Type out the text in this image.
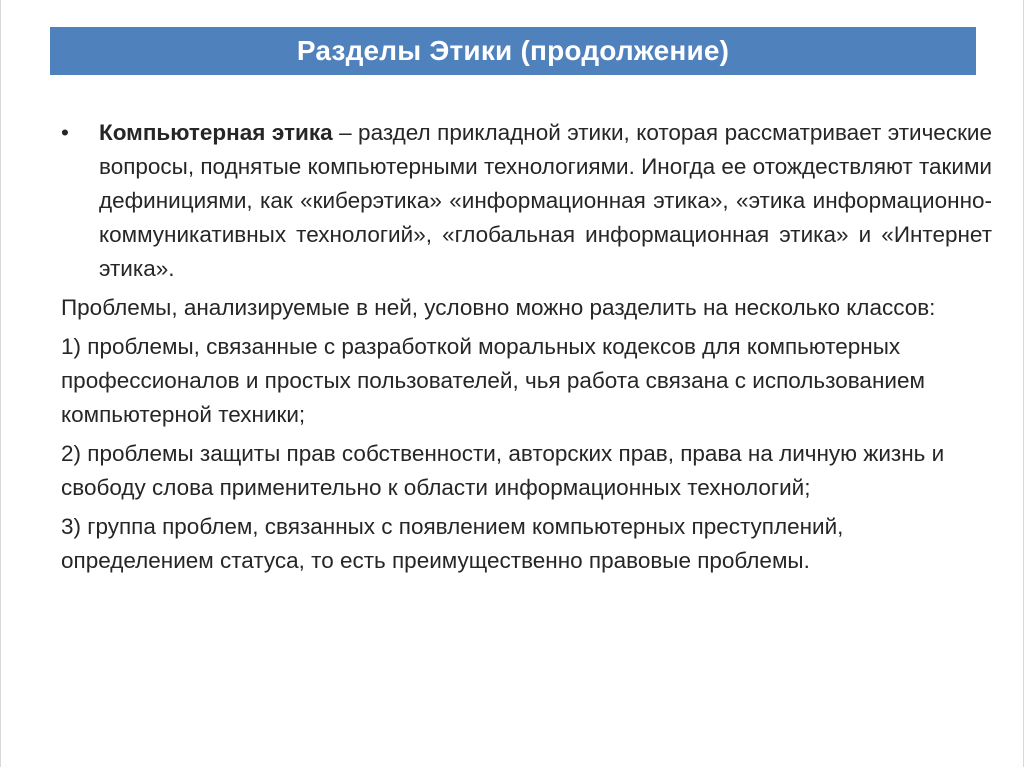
Разделы Этики (продолжение)
•	Компьютерная этика – раздел прикладной этики, которая рассматривает этические вопросы, поднятые компьютерными технологиями. Иногда ее отождествляют такими дефинициями, как «киберэтика» «информационная этика», «этика информационно-коммуникативных технологий», «глобальная информационная этика» и «Интернет этика».
Проблемы, анализируемые в ней, условно можно разделить на несколько классов:
1) проблемы, связанные с разработкой моральных кодексов для компьютерных профессионалов и простых пользователей, чья работа связана с использованием компьютерной техники;
2) проблемы защиты прав собственности, авторских прав, права на личную жизнь и свободу слова применительно к области информационных технологий;
3) группа проблем, связанных с появлением компьютерных преступлений, определением статуса, то есть преимущественно правовые проблемы.
